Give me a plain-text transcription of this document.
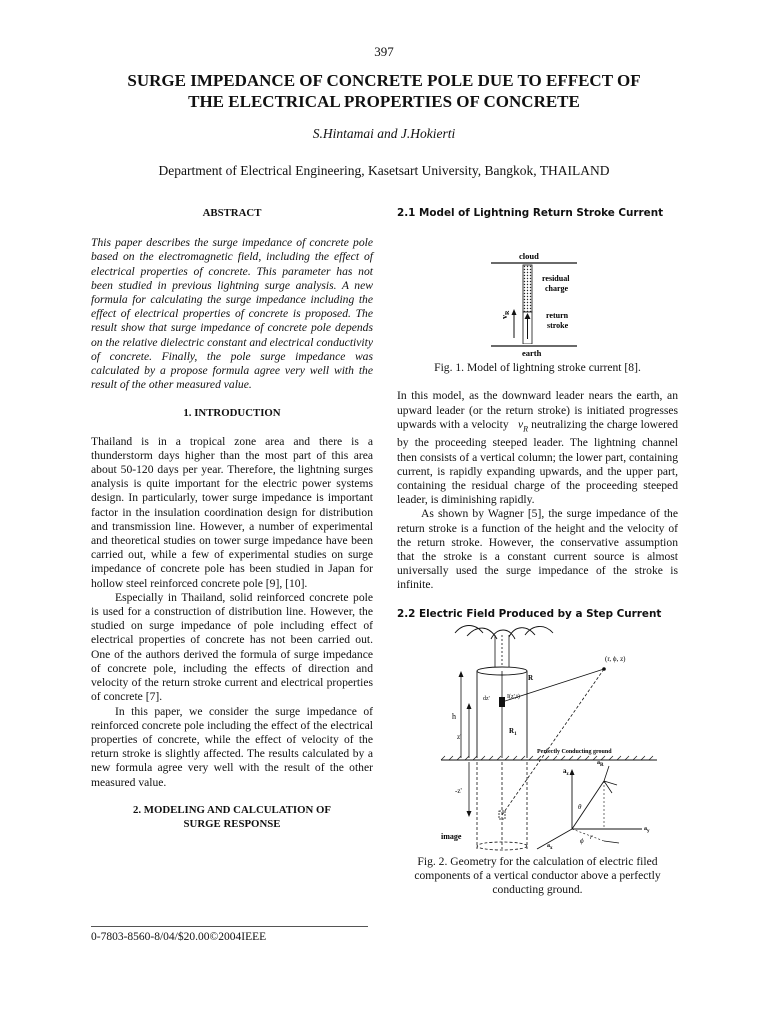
397
SURGE IMPEDANCE OF CONCRETE POLE DUE TO EFFECT OF
THE ELECTRICAL PROPERTIES OF CONCRETE
S.Hintamai and J.Hokierti
Department of Electrical Engineering, Kasetsart University, Bangkok, THAILAND
ABSTRACT

This paper describes the surge impedance of concrete pole based on the electromagnetic field, including the effect of electrical properties of concrete. This parameter has not been studied in previous lightning surge analysis. A new formula for calculating the surge impedance including the effect of electrical properties of concrete is proposed. The result show that surge impedance of concrete pole depends on the relative dielectric constant and electrical conductivity of concrete. Finally, the pole surge impedance was calculated by a propose formula agree very well with the result of the other measured value.

1. INTRODUCTION

Thailand is in a tropical zone area and there is a thunderstorm days higher than the most part of this area about 50-120 days per year. Therefore, the lightning surges analysis is quite important for the electric power systems design. In particularly, tower surge impedance is important factor in the insulation coordination design for distribution and transmission line. However, a number of experimental and theoretical studies on tower surge impedance have been carried out, while a few of experimental studies on surge impedance of concrete pole has been studied in Japan for hollow steel reinforced concrete pole [9], [10].

Especially in Thailand, solid reinforced concrete pole is used for a construction of distribution line. However, the studied on surge impedance of pole including effect of electrical properties of concrete has not been carried out. One of the authors derived the formula of surge impedance of concrete pole, including the effects of direction and velocity of the return stroke current and electrical properties of concrete [7].

In this paper, we consider the surge impedance of reinforced concrete pole including the effect of the electrical properties of concrete, while the effect of velocity of the return stroke is slightly affected. The results calculated by a new formula agree very well with the result of the other measured value.

2. MODELING AND CALCULATION OF
SURGE RESPONSE
2.1 Model of Lightning Return Stroke Current
cloud
$v_R$
residual
charge
return
stroke
earth
Fig. 1. Model of lightning stroke current [8].

In this model, as the downward leader nears the earth, an upward leader (or the return stroke) is initiated progresses upwards with a velocity $v_R$ neutralizing the charge lowered by the proceeding steeped leader. The lightning channel then consists of a vertical column; the lower part, containing current, is rapidly expanding upwards, and the upper part, containing the residual charge of the proceeding steeped leader, is diminishing rapidly.

As shown by Wagner [5], the surge impedance of the return stroke is a function of the height and the velocity of the return stroke. However, the conservative assumption that the stroke is a constant current source is almost universally used the surge impedance of the stroke is infinite.

2.2 Electric Field Produced by a Step Current
(r, ϕ, z)
R
dz'	I(z',t)
$R_1$
h
z'
Perfectly Conducting ground
-z'
image
$a_z$
$a_y$
$a_x$
$a_R$
θ
ϕ r
Fig. 2. Geometry for the calculation of electric filed components of a vertical conductor above a perfectly conducting ground.
0-7803-8560-8/04/$20.00©2004IEEE
